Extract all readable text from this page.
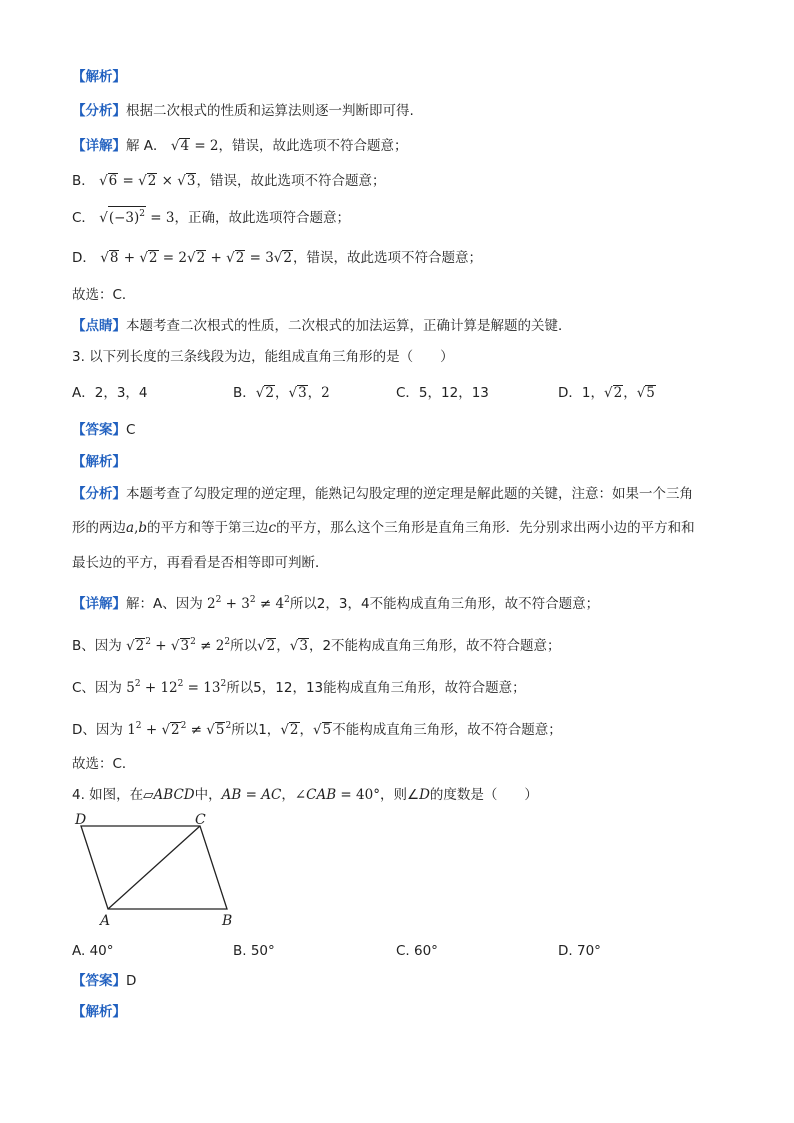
【解析】
【分析】根据二次根式的性质和运算法则逐一判断即可得.
【详解】解 A． √4 = 2，错误，故此选项不符合题意；
B． √6 = √2 × √3，错误，故此选项不符合题意；
C． $√(-3)^2 = 3$，正确，故此选项符合题意；
D． √8 + √2 = 2√2 + √2 = 3√2，错误，故此选项不符合题意；
故选：C．
【点睛】本题考查二次根式的性质，二次根式的加法运算，正确计算是解题的关键．
3. 以下列长度的三条线段为边，能组成直角三角形的是（　　）
A．2，3，4	B．√2，√3，2	C．5，12，13	D．1，√2，√5
【答案】C
【解析】
【分析】本题考查了勾股定理的逆定理，能熟记勾股定理的逆定理是解此题的关键，注意：如果一个三角
形的两边a,b的平方和等于第三边c的平方，那么这个三角形是直角三角形．先分别求出两小边的平方和和
最长边的平方，再看看是否相等即可判断．
【详解】解：A、因为 $2^2 + 3^2 \ne 4^2$所以2，3，4不能构成直角三角形，故不符合题意；
B、因为 $√2^2 + √3^2 \ne 2^2$所以√2，√3，2不能构成直角三角形，故不符合题意；
C、因为 $5^2 + 12^2 = 13^2$所以5，12，13能构成直角三角形，故符合题意；
D、因为 $1^2 + √2^2 \ne √5^2$所以1，√2，√5不能构成直角三角形，故不符合题意；
故选：C．
4. 如图，在▱ABCD中，AB = AC，∠CAB = 40°，则∠D的度数是（　　）
D	C
A	B
A. 40°	B. 50°	C. 60°	D. 70°
【答案】D
【解析】
